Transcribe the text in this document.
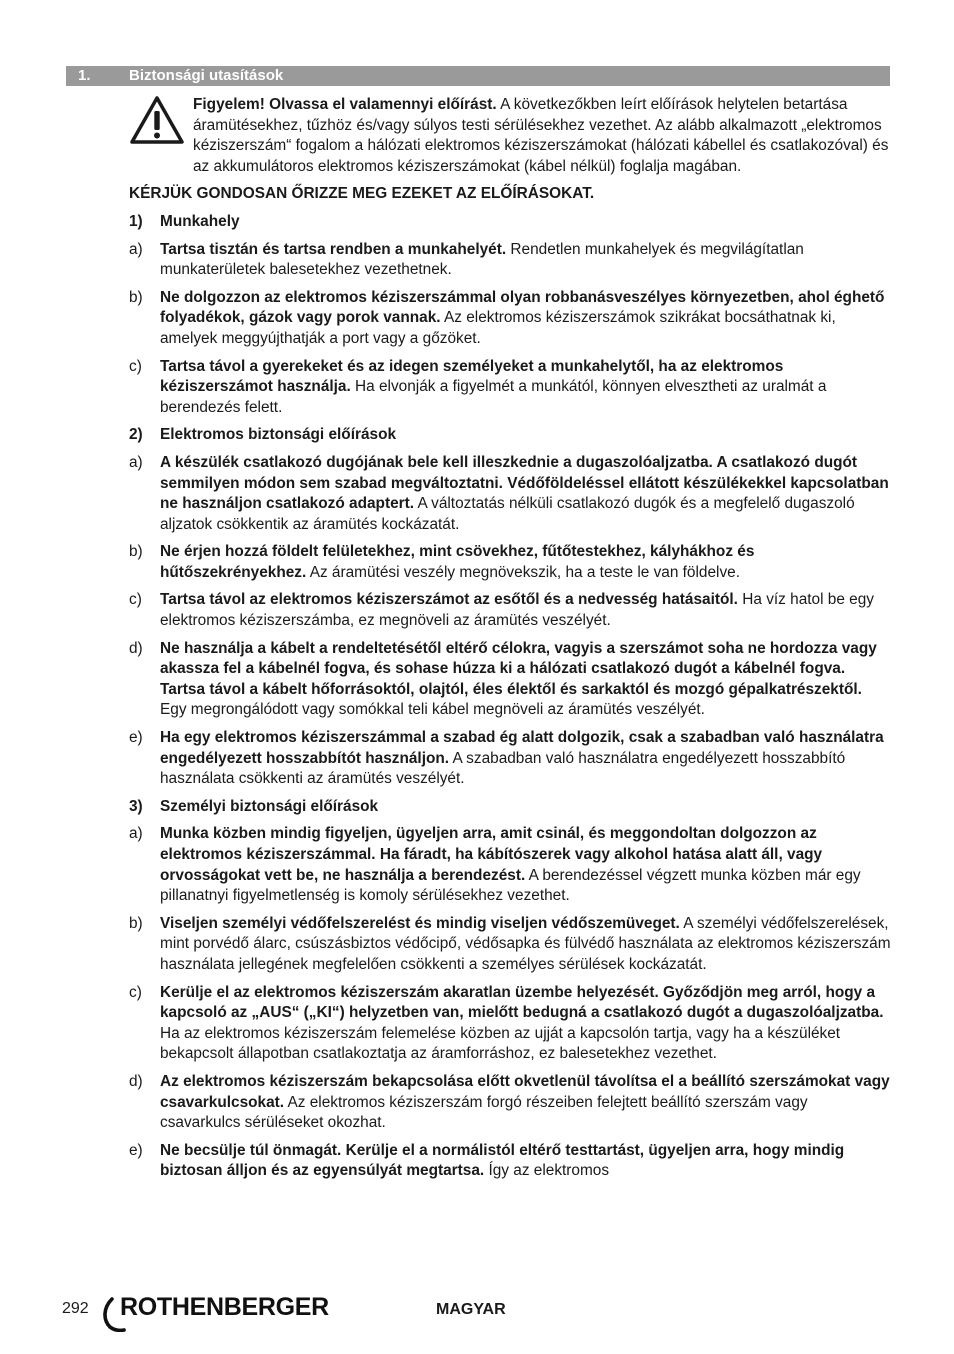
1.	Biztonsági utasítások
Figyelem! Olvassa el valamennyi előírást. A következőkben leírt előírások helytelen betartása áramütésekhez, tűzhöz és/vagy súlyos testi sérülésekhez vezethet. Az alább alkalmazott „elektromos kéziszerszám“ fogalom a hálózati elektromos kéziszerszámokat (hálózati kábellel és csatlakozóval) és az akkumulátoros elektromos kéziszerszámokat (kábel nélkül) foglalja magában.
KÉRJÜK GONDOSAN ŐRIZZE MEG EZEKET AZ ELŐÍRÁSOKAT.
1) Munkahely
a) Tartsa tisztán és tartsa rendben a munkahelyét. Rendetlen munkahelyek és megvilágítatlan munkaterületek balesetekhez vezethetnek.
b) Ne dolgozzon az elektromos kéziszerszámmal olyan robbanásveszélyes környezetben, ahol éghető folyadékok, gázok vagy porok vannak. Az elektromos kéziszerszámok szikrákat bocsáthatnak ki, amelyek meggyújthatják a port vagy a gőzöket.
c) Tartsa távol a gyerekeket és az idegen személyeket a munkahelytől, ha az elektromos kéziszerszámot használja. Ha elvonják a figyelmét a munkától, könnyen elvesztheti az uralmát a berendezés felett.
2) Elektromos biztonsági előírások
a) A készülék csatlakozó dugójának bele kell illeszkednie a dugaszolóaljzatba. A csatlakozó dugót semmilyen módon sem szabad megváltoztatni. Védőföldeléssel ellátott készülékekkel kapcsolatban ne használjon csatlakozó adaptert. A változtatás nélküli csatlakozó dugók és a megfelelő dugaszoló aljzatok csökkentik az áramütés kockázatát.
b) Ne érjen hozzá földelt felületekhez, mint csövekhez, fűtőtestekhez, kályhákhoz és hűtőszekrényekhez. Az áramütési veszély megnövekszik, ha a teste le van földelve.
c) Tartsa távol az elektromos kéziszerszámot az esőtől és a nedvesség hatásaitól. Ha víz hatol be egy elektromos kéziszerszámba, ez megnöveli az áramütés veszélyét.
d) Ne használja a kábelt a rendeltetésétől eltérő célokra, vagyis a szerszámot soha ne hordozza vagy akassza fel a kábelnél fogva, és sohase húzza ki a hálózati csatlakozó dugót a kábelnél fogva. Tartsa távol a kábelt hőforrásoktól, olajtól, éles élektől és sarkaktól és mozgó gépalkatrészektől. Egy megrongálódott vagy somókkal teli kábel megnöveli az áramütés veszélyét.
e) Ha egy elektromos kéziszerszámmal a szabad ég alatt dolgozik, csak a szabadban való használatra engedélyezett hosszabbítót használjon. A szabadban való használatra engedélyezett hosszabbító használata csökkenti az áramütés veszélyét.
3) Személyi biztonsági előírások
a) Munka közben mindig figyeljen, ügyeljen arra, amit csinál, és meggondoltan dolgozzon az elektromos kéziszerszámmal. Ha fáradt, ha kábítószerek vagy alkohol hatása alatt áll, vagy orvosságokat vett be, ne használja a berendezést. A berendezéssel végzett munka közben már egy pillanatnyi figyelmetlenség is komoly sérülésekhez vezethet.
b) Viseljen személyi védőfelszerelést és mindig viseljen védőszemüveget. A személyi védőfelszerelések, mint porvédő álarc, csúszásbiztos védőcipő, védősapka és fülvédő használata az elektromos kéziszerszám használata jellegének megfelelően csökkenti a személyes sérülések kockázatát.
c) Kerülje el az elektromos kéziszerszám akaratlan üzembe helyezését. Győződjön meg arról, hogy a kapcsoló az „AUS“ („KI“) helyzetben van, mielőtt bedugná a csatlakozó dugót a dugaszolóaljzatba. Ha az elektromos kéziszerszám felemelése közben az ujját a kapcsolón tartja, vagy ha a készüléket bekapcsolt állapotban csatlakoztatja az áramforráshoz, ez balesetekhez vezethet.
d) Az elektromos kéziszerszám bekapcsolása előtt okvetlenül távolítsa el a beállító szerszámokat vagy csavarkulcsokat. Az elektromos kéziszerszám forgó részeiben felejtett beállító szerszám vagy csavarkulcs sérüléseket okozhat.
e) Ne becsülje túl önmagát. Kerülje el a normálistól eltérő testtartást, ügyeljen arra, hogy mindig biztosan álljon és az egyensúlyát megtartsa. Így az elektromos
292 ROTHENBERGER	MAGYAR
